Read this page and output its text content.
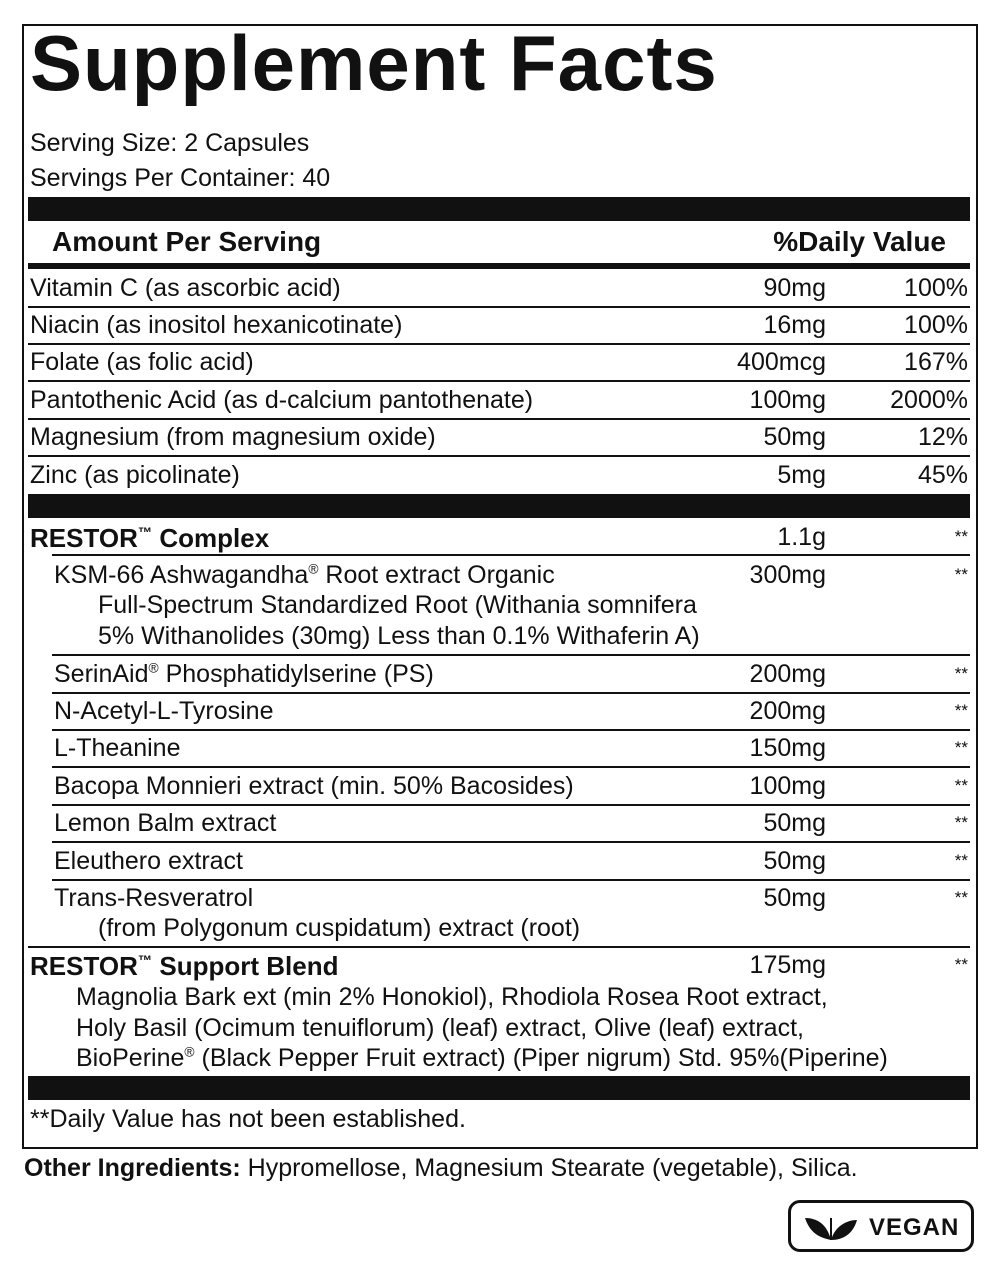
Supplement Facts
Serving Size: 2 Capsules
Servings Per Container: 40
Amount Per Serving	%Daily Value
Vitamin C (as ascorbic acid)	90mg	100%
Niacin (as inositol hexanicotinate)	16mg	100%
Folate (as folic acid)	400mcg	167%
Pantothenic Acid (as d-calcium pantothenate)	100mg	2000%
Magnesium (from magnesium oxide)	50mg	12%
Zinc (as picolinate)	5mg	45%
RESTOR™ Complex	1.1g	**
KSM-66 Ashwagandha® Root extract Organic	300mg	**
Full-Spectrum Standardized Root (Withania somnifera
5% Withanolides (30mg) Less than 0.1% Withaferin A)
SerinAid® Phosphatidylserine (PS)	200mg	**
N-Acetyl-L-Tyrosine	200mg	**
L-Theanine	150mg	**
Bacopa Monnieri extract (min. 50% Bacosides)	100mg	**
Lemon Balm extract	50mg	**
Eleuthero extract	50mg	**
Trans-Resveratrol	50mg	**
(from Polygonum cuspidatum) extract (root)
RESTOR™ Support Blend	175mg	**
Magnolia Bark ext (min 2% Honokiol), Rhodiola Rosea Root extract,
Holy Basil (Ocimum tenuiflorum) (leaf) extract, Olive (leaf) extract,
BioPerine® (Black Pepper Fruit extract) (Piper nigrum) Std. 95%(Piperine)
**Daily Value has not been established.
Other Ingredients: Hypromellose, Magnesium Stearate (vegetable), Silica.
VEGAN
